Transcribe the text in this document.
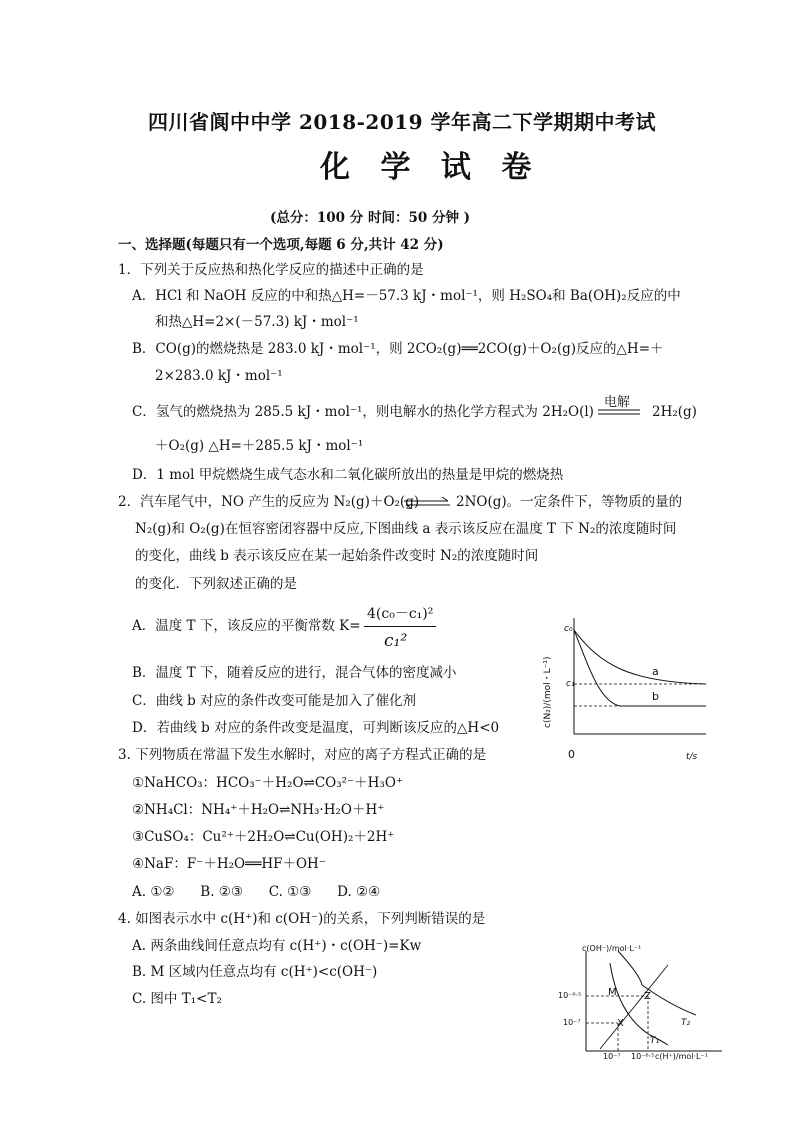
四川省阆中中学 2018-2019 学年高二下学期期中考试
化 学 试 卷
(总分：100 分 时间：50 分钟 )
一、选择题(每题只有一个选项,每题 6 分,共计 42 分)
1．下列关于反应热和热化学反应的描述中正确的是
A．HCl 和 NaOH 反应的中和热△H=－57.3 kJ・mol⁻¹，则 H₂SO₄和 Ba(OH)₂反应的中
和热△H=2×(－57.3) kJ・mol⁻¹
B．CO(g)的燃烧热是 283.0 kJ・mol⁻¹，则 2CO₂(g)══2CO(g)＋O₂(g)反应的△H=＋
2×283.0 kJ・mol⁻¹
C．氢气的燃烧热为 285.5 kJ・mol⁻¹，则电解水的热化学方程式为 2H₂O(l)
电解
2H₂(g)
＋O₂(g) △H=＋285.5 kJ・mol⁻¹
D．1 mol 甲烷燃烧生成气态水和二氧化碳所放出的热量是甲烷的燃烧热
2．汽车尾气中，NO 产生的反应为 N₂(g)＋O₂(g)	2NO(g)。一定条件下，等物质的量的
N₂(g)和 O₂(g)在恒容密闭容器中反应,下图曲线 a 表示该反应在温度 T 下 N₂的浓度随时间
的变化，曲线 b 表示该反应在某一起始条件改变时 N₂的浓度随时间
的变化．下列叙述正确的是
A．温度 T 下，该反应的平衡常数 K=
4(c₀－c₁)²
c₁²
B．温度 T 下，随着反应的进行，混合气体的密度减小
C．曲线 b 对应的条件改变可能是加入了催化剂
D．若曲线 b 对应的条件改变是温度，可判断该反应的△H<0	c(N₂)/(mol・L⁻¹)
c₀
c₁
a
b
0	t/s
3. 下列物质在常温下发生水解时，对应的离子方程式正确的是
①NaHCO₃：HCO₃⁻＋H₂O⇌CO₃²⁻＋H₃O⁺
②NH₄Cl：NH₄⁺＋H₂O⇌NH₃·H₂O＋H⁺
③CuSO₄：Cu²⁺＋2H₂O⇌Cu(OH)₂＋2H⁺
④NaF：F⁻＋H₂O══HF＋OH⁻
A. ①②      B. ②③      C. ①③      D. ②④
4. 如图表示水中 c(H⁺)和 c(OH⁻)的关系，下列判断错误的是
A. 两条曲线间任意点均有 c(H⁺)・c(OH⁻)=Kw
B. M 区域内任意点均有 c(H⁺)<c(OH⁻)
C. 图中 T₁<T₂
c(OH⁻)/mol·L⁻¹
c(H⁺)/mol·L⁻¹
10⁻⁶·⁵
10⁻⁷
10⁻⁷ 10⁻⁶·⁵
M	Z
X
T₁
T₂
